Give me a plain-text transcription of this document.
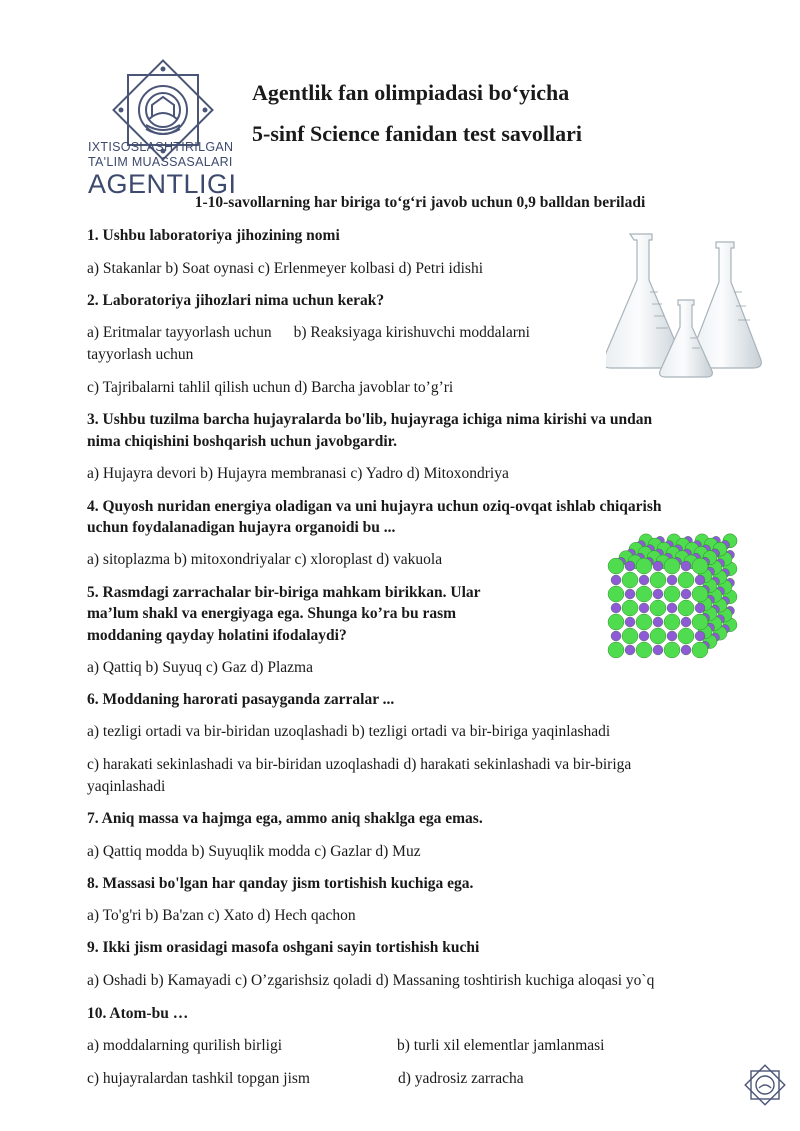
IXTISOSLASHTIRILGAN
TA'LIM MUASSASALARI
AGENTLIGI
Agentlik fan olimpiadasi bo‘yicha
5-sinf Science fanidan test savollari
1-10-savollarning har biriga to‘g‘ri javob uchun 0,9 balldan beriladi
1. Ushbu laboratoriya jihozining nomi
a) Stakanlar b) Soat oynasi c) Erlenmeyer kolbasi d) Petri idishi
2. Laboratoriya jihozlari nima uchun kerak?
a) Eritmalar tayyorlash uchun b) Reaksiyaga kirishuvchi moddalarni
tayyorlash uchun
c) Tajribalarni tahlil qilish uchun d) Barcha javoblar to’g’ri
3. Ushbu tuzilma barcha hujayralarda bo'lib, hujayraga ichiga nima kirishi va undan
nima chiqishini boshqarish uchun javobgardir.
a) Hujayra devori b) Hujayra membranasi c) Yadro d) Mitoxondriya
4. Quyosh nuridan energiya oladigan va uni hujayra uchun oziq-ovqat ishlab chiqarish
uchun foydalanadigan hujayra organoidi bu ...
a) sitoplazma b) mitoxondriyalar c) xloroplast d) vakuola
5. Rasmdagi zarrachalar bir-biriga mahkam birikkan. Ular
ma’lum shakl va energiyaga ega. Shunga ko’ra bu rasm
moddaning qayday holatini ifodalaydi?
a) Qattiq b) Suyuq c) Gaz d) Plazma
6. Moddaning harorati pasayganda zarralar ...
a) tezligi ortadi va bir-biridan uzoqlashadi b) tezligi ortadi va bir-biriga yaqinlashadi
c) harakati sekinlashadi va bir-biridan uzoqlashadi d) harakati sekinlashadi va bir-biriga
yaqinlashadi
7. Aniq massa va hajmga ega, ammo aniq shaklga ega emas.
a) Qattiq modda b) Suyuqlik modda c) Gazlar d) Muz
8. Massasi bo'lgan har qanday jism tortishish kuchiga ega.
a) To'g'ri b) Ba'zan c) Xato d) Hech qachon
9. Ikki jism orasidagi masofa oshgani sayin tortishish kuchi
a) Oshadi b) Kamayadi c) O’zgarishsiz qoladi d) Massaning toshtirish kuchiga aloqasi yo`q
10. Atom-bu …
a) moddalarning qurilish birligi	b) turli xil elementlar jamlanmasi
c) hujayralardan tashkil topgan jism	d) yadrosiz zarracha
